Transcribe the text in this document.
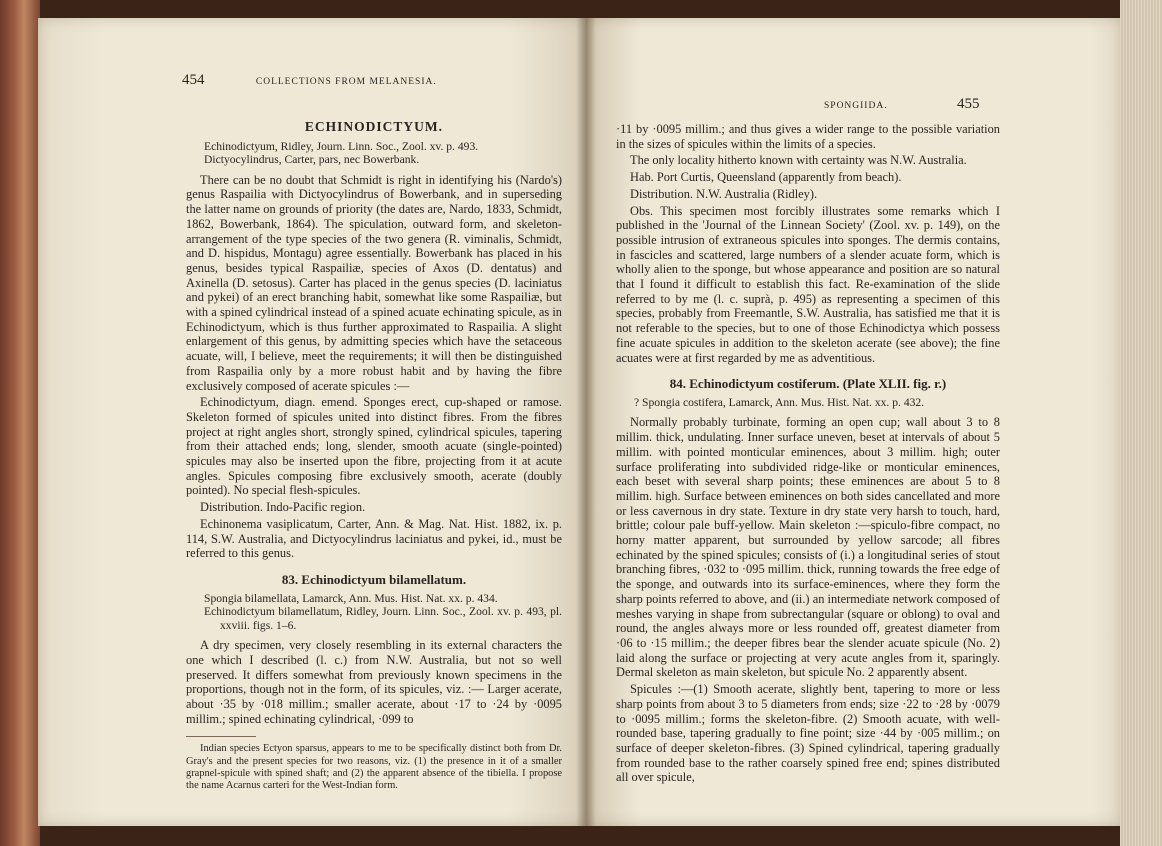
454	COLLECTIONS FROM MELANESIA.
ECHINODICTYUM.

Echinodictyum, Ridley, Journ. Linn. Soc., Zool. xv. p. 493.

Dictyocylindrus, Carter, pars, nec Bowerbank.

There can be no doubt that Schmidt is right in identifying his (Nardo's) genus Raspailia with Dictyocylindrus of Bowerbank, and in superseding the latter name on grounds of priority (the dates are, Nardo, 1833, Schmidt, 1862, Bowerbank, 1864). The spiculation, outward form, and skeleton-arrangement of the type species of the two genera (R. viminalis, Schmidt, and D. hispidus, Montagu) agree essentially. Bowerbank has placed in his genus, besides typical Raspailiæ, species of Axos (D. dentatus) and Axinella (D. setosus). Carter has placed in the genus species (D. laciniatus and pykei) of an erect branching habit, somewhat like some Raspailiæ, but with a spined cylindrical instead of a spined acuate echinating spicule, as in Echinodictyum, which is thus further approximated to Raspailia. A slight enlargement of this genus, by admitting species which have the setaceous acuate, will, I believe, meet the requirements; it will then be distinguished from Raspailia only by a more robust habit and by having the fibre exclusively composed of acerate spicules :—

Echinodictyum, diagn. emend. Sponges erect, cup-shaped or ramose. Skeleton formed of spicules united into distinct fibres. From the fibres project at right angles short, strongly spined, cylindrical spicules, tapering from their attached ends; long, slender, smooth acuate (single-pointed) spicules may also be inserted upon the fibre, projecting from it at acute angles. Spicules composing fibre exclusively smooth, acerate (doubly pointed). No special flesh-spicules.

Distribution. Indo-Pacific region.

Echinonema vasiplicatum, Carter, Ann. & Mag. Nat. Hist. 1882, ix. p. 114, S.W. Australia, and Dictyocylindrus laciniatus and pykei, id., must be referred to this genus.

83. Echinodictyum bilamellatum.

Spongia bilamellata, Lamarck, Ann. Mus. Hist. Nat. xx. p. 434.

Echinodictyum bilamellatum, Ridley, Journ. Linn. Soc., Zool. xv. p. 493, pl. xxviii. figs. 1–6.

A dry specimen, very closely resembling in its external characters the one which I described (l. c.) from N.W. Australia, but not so well preserved. It differs somewhat from previously known specimens in the proportions, though not in the form, of its spicules, viz. :— Larger acerate, about ·35 by ·018 millim.; smaller acerate, about ·17 to ·24 by ·0095 millim.; spined echinating cylindrical, ·099 to

Indian species Ectyon sparsus, appears to me to be specifically distinct both from Dr. Gray's and the present species for two reasons, viz. (1) the presence in it of a smaller grapnel-spicule with spined shaft; and (2) the apparent absence of the tibiella. I propose the name Acarnus carteri for the West-Indian form.

SPONGIIDA.	455

·11 by ·0095 millim.; and thus gives a wider range to the possible variation in the sizes of spicules within the limits of a species.

The only locality hitherto known with certainty was N.W. Australia.

Hab. Port Curtis, Queensland (apparently from beach).

Distribution. N.W. Australia (Ridley).

Obs. This specimen most forcibly illustrates some remarks which I published in the 'Journal of the Linnean Society' (Zool. xv. p. 149), on the possible intrusion of extraneous spicules into sponges. The dermis contains, in fascicles and scattered, large numbers of a slender acuate form, which is wholly alien to the sponge, but whose appearance and position are so natural that I found it difficult to establish this fact. Re-examination of the slide referred to by me (l. c. suprà, p. 495) as representing a specimen of this species, probably from Freemantle, S.W. Australia, has satisfied me that it is not referable to the species, but to one of those Echinodictya which possess fine acuate spicules in addition to the skeleton acerate (see above); the fine acuates were at first regarded by me as adventitious.

84. Echinodictyum costiferum. (Plate XLII. fig. r.)

? Spongia costifera, Lamarck, Ann. Mus. Hist. Nat. xx. p. 432.

Normally probably turbinate, forming an open cup; wall about 3 to 8 millim. thick, undulating. Inner surface uneven, beset at intervals of about 5 millim. with pointed monticular eminences, about 3 millim. high; outer surface proliferating into subdivided ridge-like or monticular eminences, each beset with several sharp points; these eminences are about 5 to 8 millim. high. Surface between eminences on both sides cancellated and more or less cavernous in dry state. Texture in dry state very harsh to touch, hard, brittle; colour pale buff-yellow. Main skeleton :—spiculo-fibre compact, no horny matter apparent, but surrounded by yellow sarcode; all fibres echinated by the spined spicules; consists of (i.) a longitudinal series of stout branching fibres, ·032 to ·095 millim. thick, running towards the free edge of the sponge, and outwards into its surface-eminences, where they form the sharp points referred to above, and (ii.) an intermediate network composed of meshes varying in shape from subrectangular (square or oblong) to oval and round, the angles always more or less rounded off, greatest diameter from ·06 to ·15 millim.; the deeper fibres bear the slender acuate spicule (No. 2) laid along the surface or projecting at very acute angles from it, sparingly. Dermal skeleton as main skeleton, but spicule No. 2 apparently absent.

Spicules :—(1) Smooth acerate, slightly bent, tapering to more or less sharp points from about 3 to 5 diameters from ends; size ·22 to ·28 by ·0079 to ·0095 millim.; forms the skeleton-fibre. (2) Smooth acuate, with well-rounded base, tapering gradually to fine point; size ·44 by ·005 millim.; on surface of deeper skeleton-fibres. (3) Spined cylindrical, tapering gradually from rounded base to the rather coarsely spined free end; spines distributed all over spicule,
